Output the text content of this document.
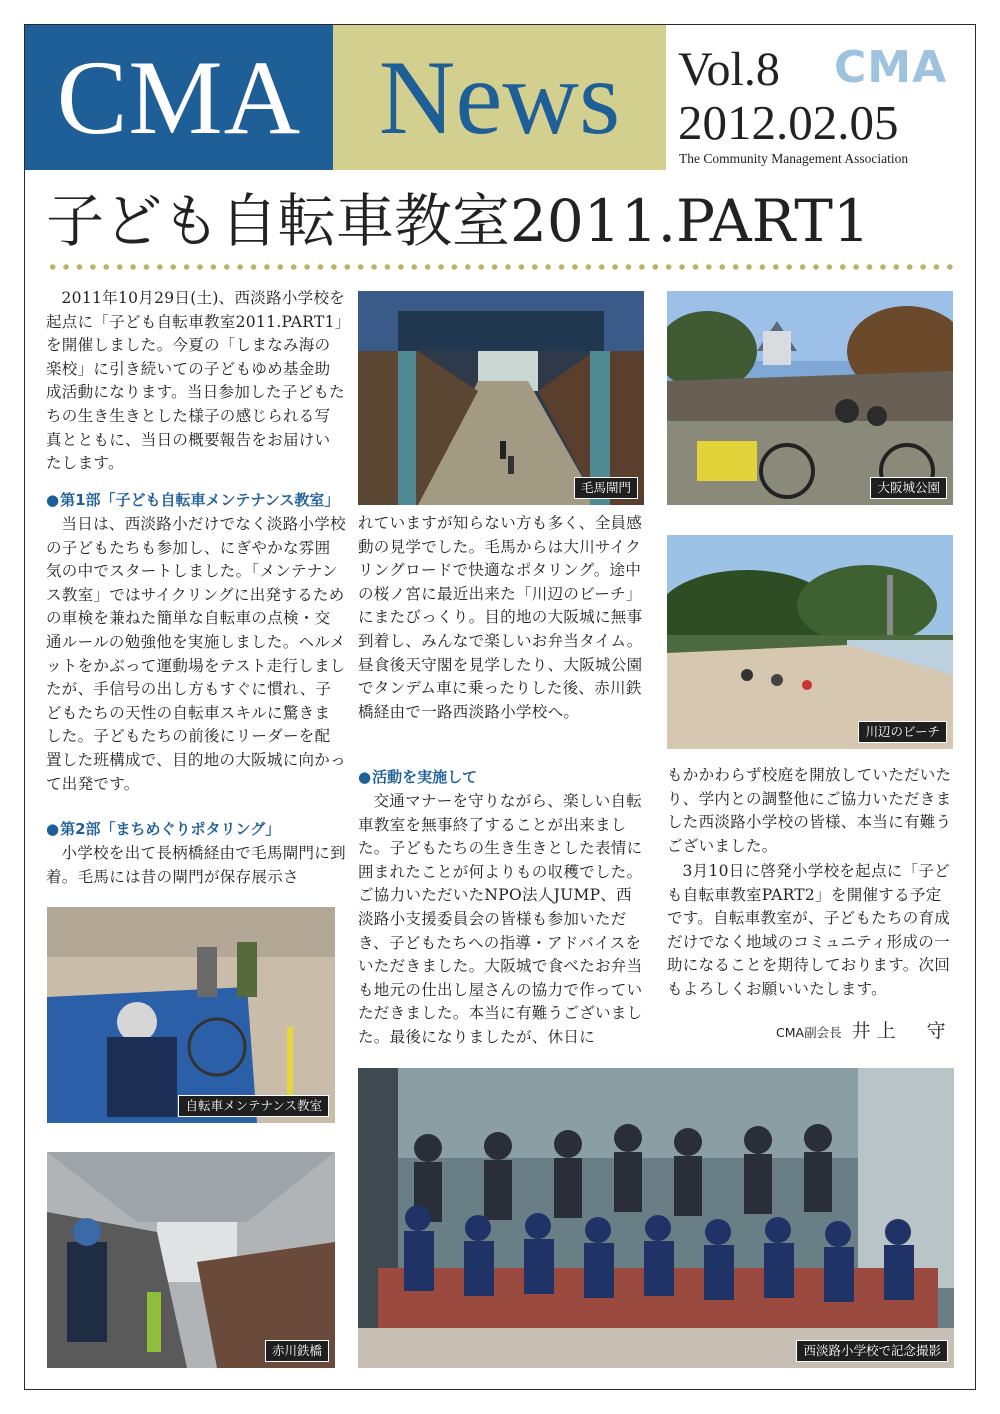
CMA News	Vol.8 CMA
2012.02.05
The Community Management Association
子ども自転車教室2011.PART1

2011年10月29日(土)、西淡路小学校を起点に「子ども自転車教室2011.PART1」を開催しました。今夏の「しまなみ海の楽校」に引き続いての子どもゆめ基金助成活動になります。当日参加した子どもたちの生き生きとした様子の感じられる写真とともに、当日の概要報告をお届けいたします。

●第1部「子ども自転車メンテナンス教室」

当日は、西淡路小だけでなく淡路小学校の子どもたちも参加し、にぎやかな雰囲気の中でスタートしました。「メンテナンス教室」ではサイクリングに出発するための車検を兼ねた簡単な自転車の点検・交通ルールの勉強他を実施しました。ヘルメットをかぶって運動場をテスト走行しましたが、手信号の出し方もすぐに慣れ、子どもたちの天性の自転車スキルに驚きました。子どもたちの前後にリーダーを配置した班構成で、目的地の大阪城に向かって出発です。

●第2部「まちめぐりポタリング」

小学校を出て長柄橋経由で毛馬閘門に到着。毛馬には昔の閘門が保存展示さ

れていますが知らない方も多く、全員感動の見学でした。毛馬からは大川サイクリングロードで快適なポタリング。途中の桜ノ宮に最近出来た「川辺のビーチ」にまたびっくり。目的地の大阪城に無事到着し、みんなで楽しいお弁当タイム。昼食後天守閣を見学したり、大阪城公園でタンデム車に乗ったりした後、赤川鉄橋経由で一路西淡路小学校へ。

●活動を実施して

交通マナーを守りながら、楽しい自転車教室を無事終了することが出来ました。子どもたちの生き生きとした表情に囲まれたことが何よりもの収穫でした。ご協力いただいたNPO法人JUMP、西淡路小支援委員会の皆様も参加いただき、子どもたちへの指導・アドバイスをいただきました。大阪城で食べたお弁当も地元の仕出し屋さんの協力で作っていただきました。本当に有難うございました。最後になりましたが、休日に

もかかわらず校庭を開放していただいたり、学内との調整他にご協力いただきました西淡路小学校の皆様、本当に有難うございました。

3月10日に啓発小学校を起点に「子ども自転車教室PART2」を開催する予定です。自転車教室が、子どもたちの育成だけでなく地域のコミュニティ形成の一助になることを期待しております。次回もよろしくお願いいたします。

CMA副会長 井上　守
毛馬閘門	大阪城公園
川辺のビーチ
自転車メンテナンス教室
赤川鉄橋	西淡路小学校で記念撮影
